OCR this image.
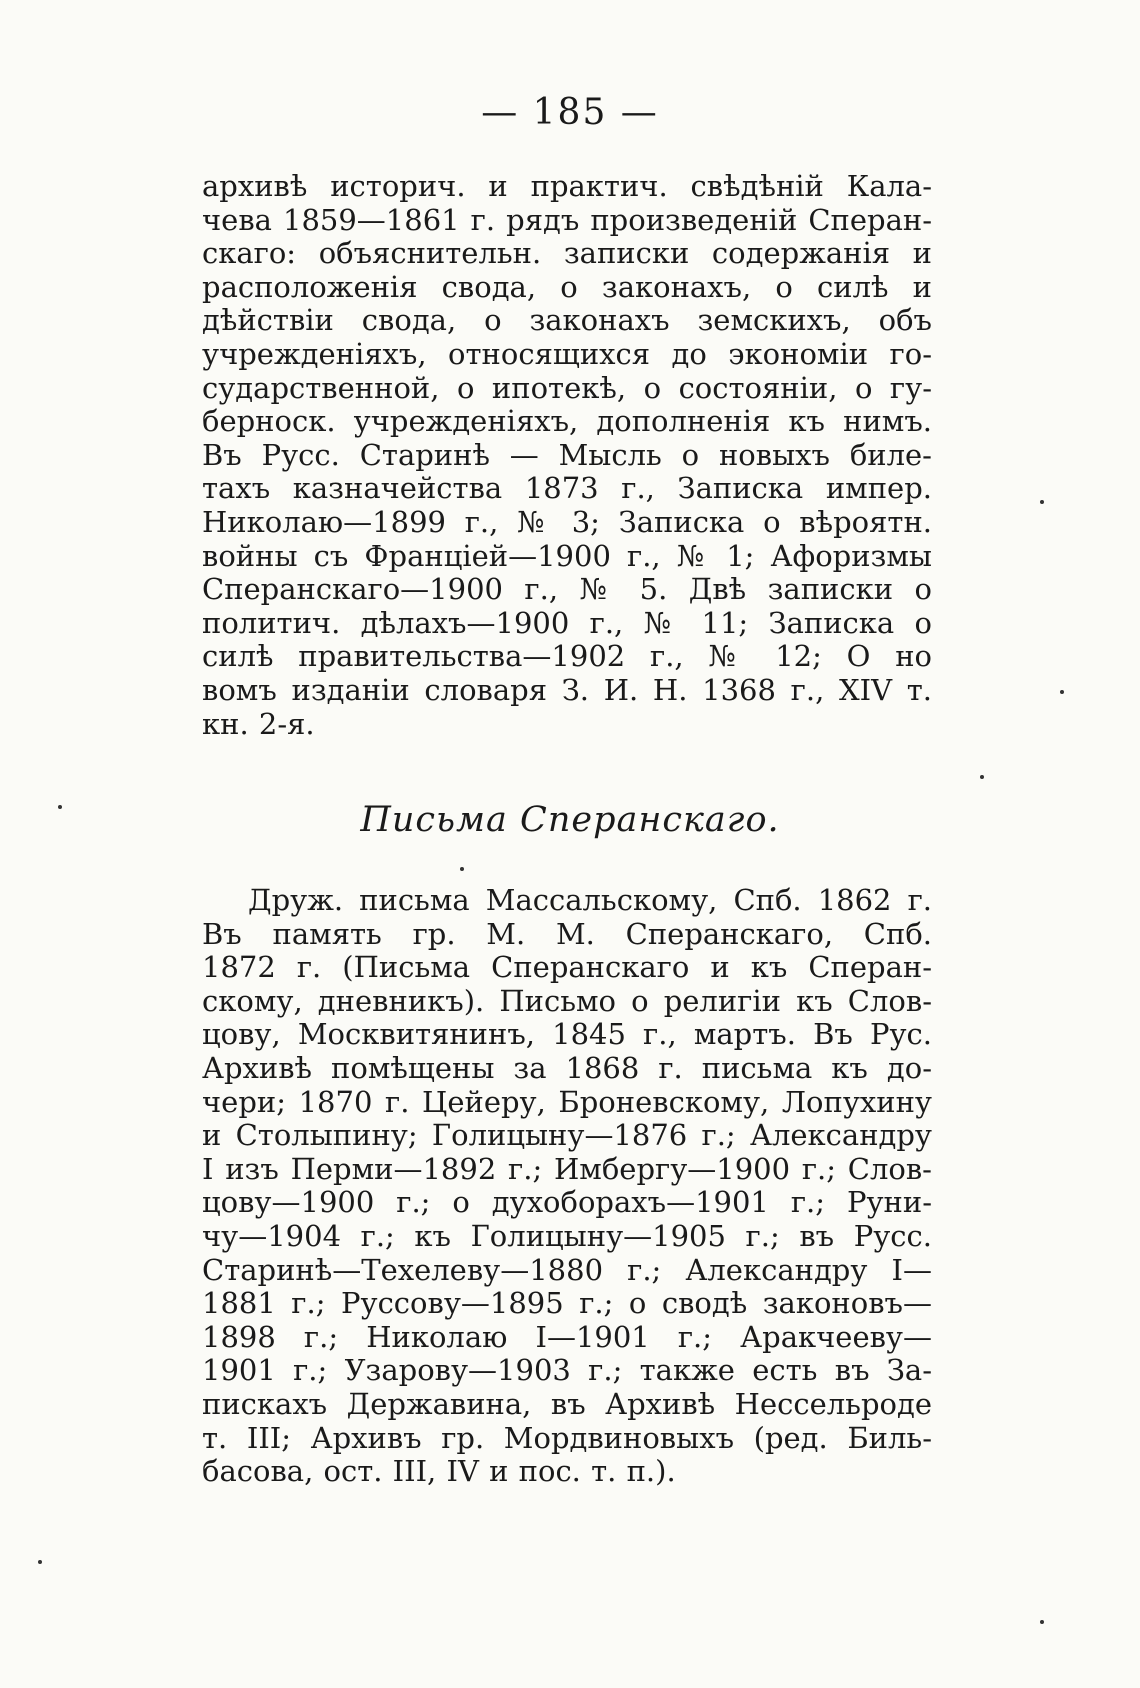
— 185 —
архивѣ историч. и практич. свѣдѣній Кала-
чева 1859—1861 г. рядъ произведеній Сперан-
скаго: объяснительн. записки содержанія и
расположенія свода, о законахъ, о силѣ и
дѣйствіи свода, о законахъ земскихъ, объ
учрежденіяхъ, относящихся до экономіи го-
сударственной, о ипотекѣ, о состояніи, о гу-
берноск. учрежденіяхъ, дополненія къ нимъ.
Въ Русс. Старинѣ — Мысль о новыхъ биле-
тахъ казначейства 1873 г., Записка импер.
Николаю—1899 г., № 3; Записка о вѣроятн.
войны съ Франціей—1900 г., № 1; Афоризмы
Сперанскаго—1900 г., № 5. Двѣ записки о
политич. дѣлахъ—1900 г., № 11; Записка о
силѣ правительства—1902 г., № 12; О но
вомъ изданіи словаря З. И. Н. 1368 г., XIV т.
кн. 2-я.
Письма Сперанскаго.
Друж. письма Массальскому, Спб. 1862 г.
Въ память гр. М. М. Сперанскаго, Спб.
1872 г. (Письма Сперанскаго и къ Сперан-
скому, дневникъ). Письмо о религіи къ Слов-
цову, Москвитянинъ, 1845 г., мартъ. Въ Рус.
Архивѣ помѣщены за 1868 г. письма къ до-
чери; 1870 г. Цейеру, Броневскому, Лопухину
и Столыпину; Голицыну—1876 г.; Александру
I изъ Перми—1892 г.; Имбергу—1900 г.; Слов-
цову—1900 г.; о духоборахъ—1901 г.; Руни-
чу—1904 г.; къ Голицыну—1905 г.; въ Русс.
Старинѣ—Техелеву—1880 г.; Александру I—
1881 г.; Руссову—1895 г.; о сводѣ законовъ—
1898 г.; Николаю I—1901 г.; Аракчееву—
1901 г.; Узарову—1903 г.; также есть въ За-
пискахъ Державина, въ Архивѣ Нессельроде
т. III; Архивъ гр. Мордвиновыхъ (ред. Биль-
басова, ост. III, IV и пос. т. п.).
